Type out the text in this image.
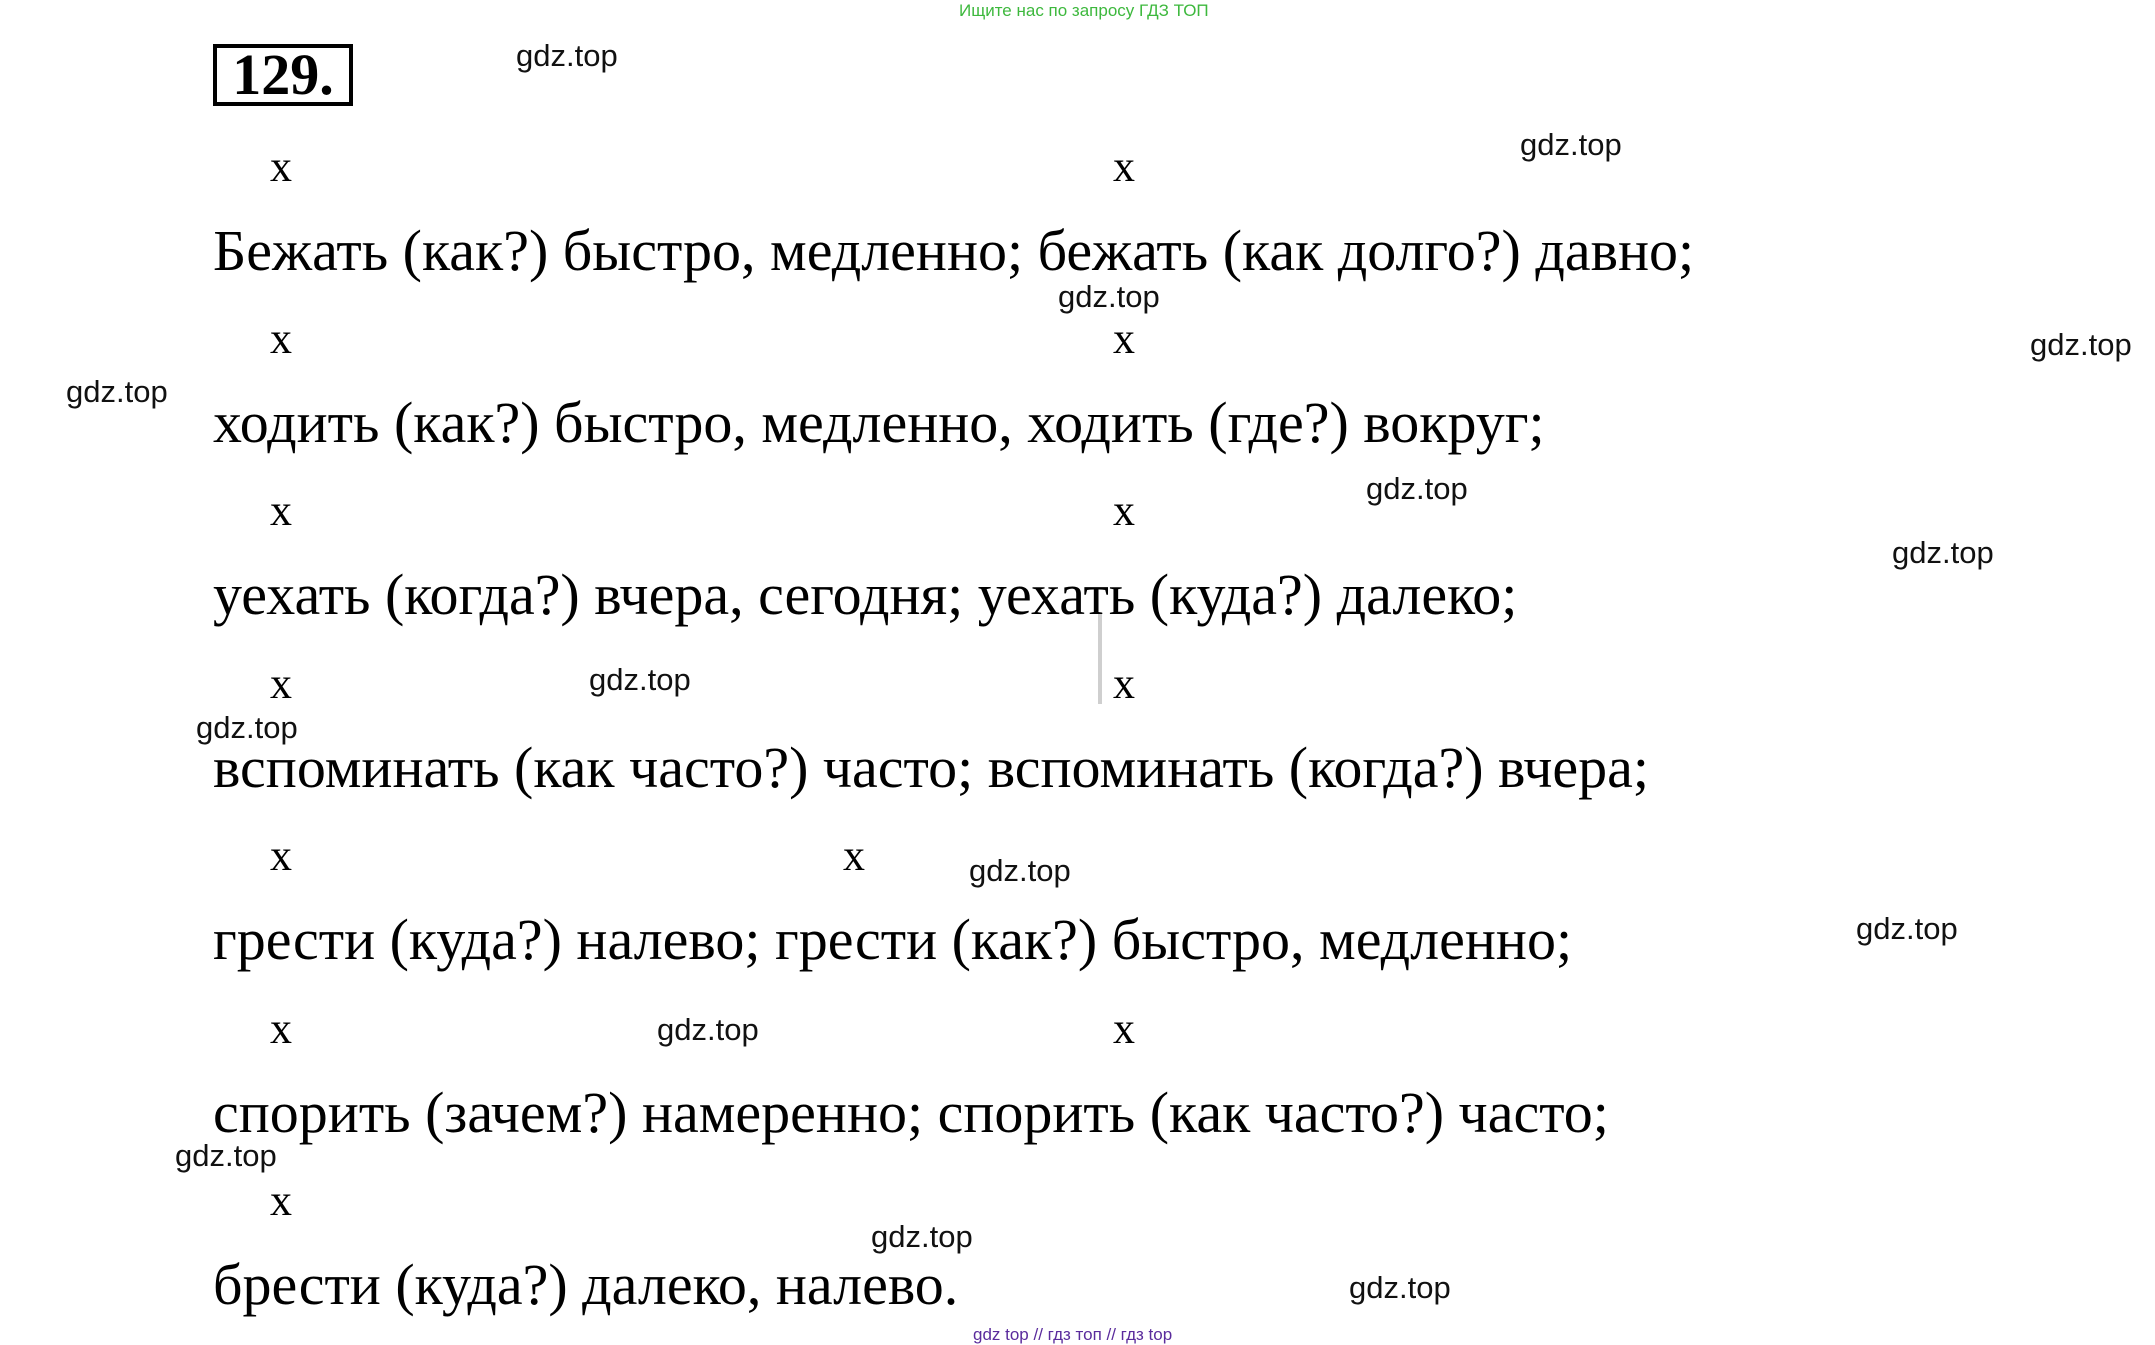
Ищите нас по запросу ГДЗ ТОП
129.
х	х
х	х
х	х
х	х
х	х
х	х
х
Бежать (как?) быстро, медленно; бежать (как долго?) давно;
ходить (как?) быстро, медленно, ходить (где?) вокруг;
уехать (когда?) вчера, сегодня; уехать (куда?) далеко;
вспоминать (как часто?) часто; вспоминать (когда?) вчера;
грести (куда?) налево; грести (как?) быстро, медленно;
спорить (зачем?) намеренно; спорить (как часто?) часто;
брести (куда?) далеко, налево.
gdz.top
gdz.top
gdz.top
gdz.top
gdz.top
gdz.top
gdz.top
gdz.top
gdz.top
gdz.top
gdz.top
gdz.top
gdz.top
gdz.top
gdz.top
gdz top // гдз топ // гдз top
